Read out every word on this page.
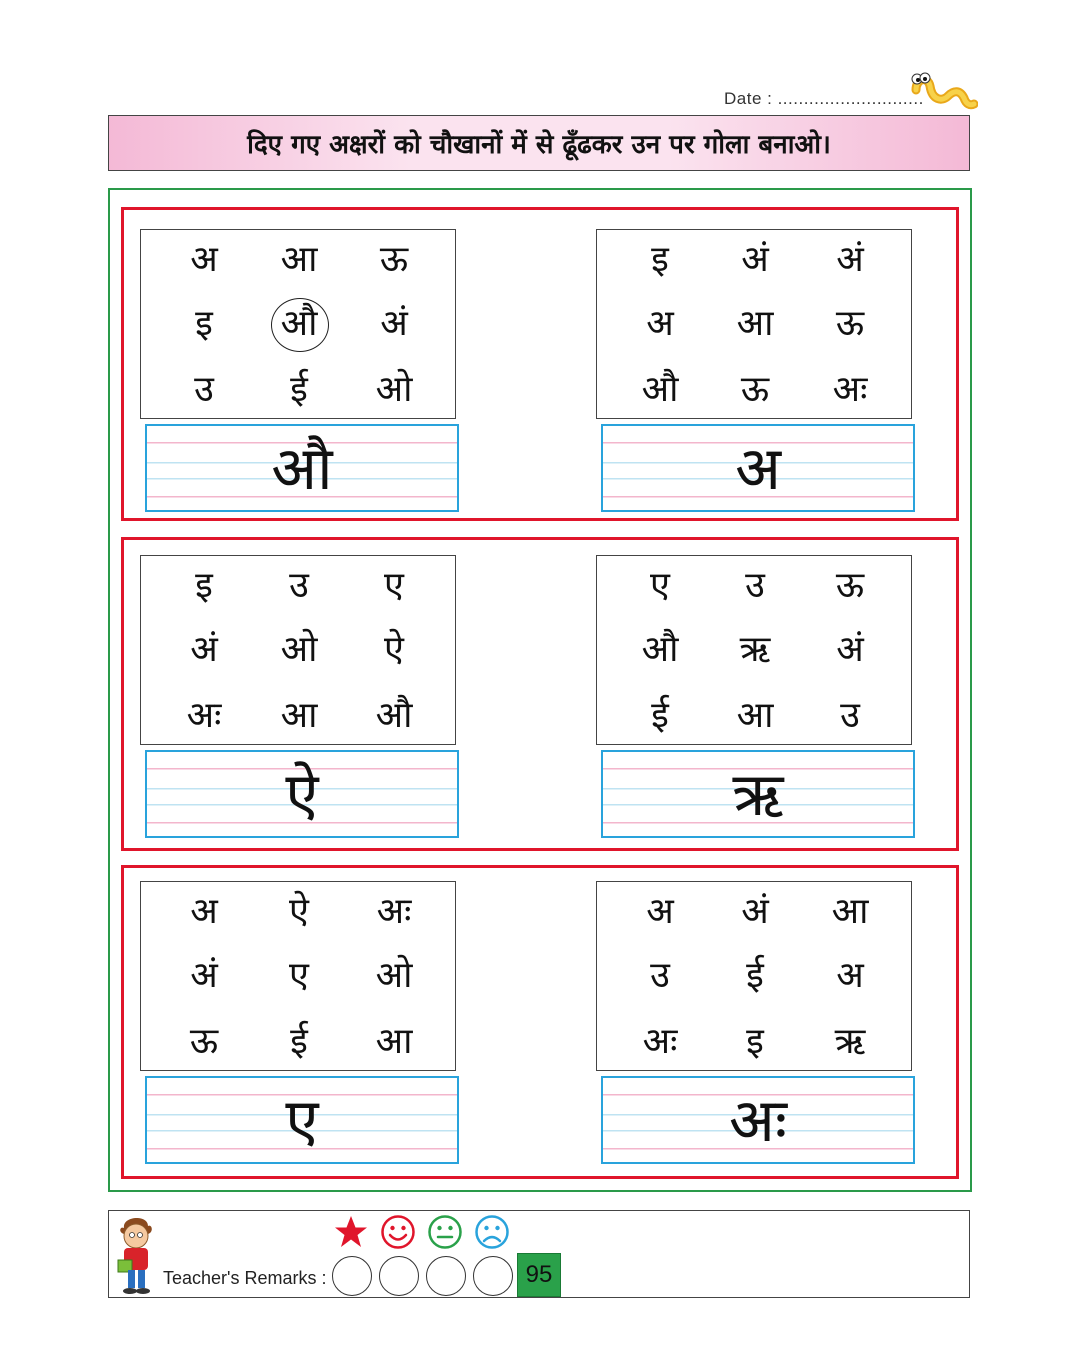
Date : ............................
दिए गए अक्षरों को चौखानों में से ढूँढकर उन पर गोला बनाओ।
अ	आ	ऊ
इ	औ	अं
उ	ई	ओ
औ
इ	अं	अं
अ	आ	ऊ
औ	ऊ	अः
अ
इ	उ	ए
अं	ओ	ऐ
अः	आ	औ
ऐ
ए	उ	ऊ
औ	ऋ	अं
ई	आ	उ
ऋ
अ	ऐ	अः
अं	ए	ओ
ऊ	ई	आ
ए
अ	अं	आ
उ	ई	अ
अः	इ	ऋ
अः
Teacher's Remarks :	95
